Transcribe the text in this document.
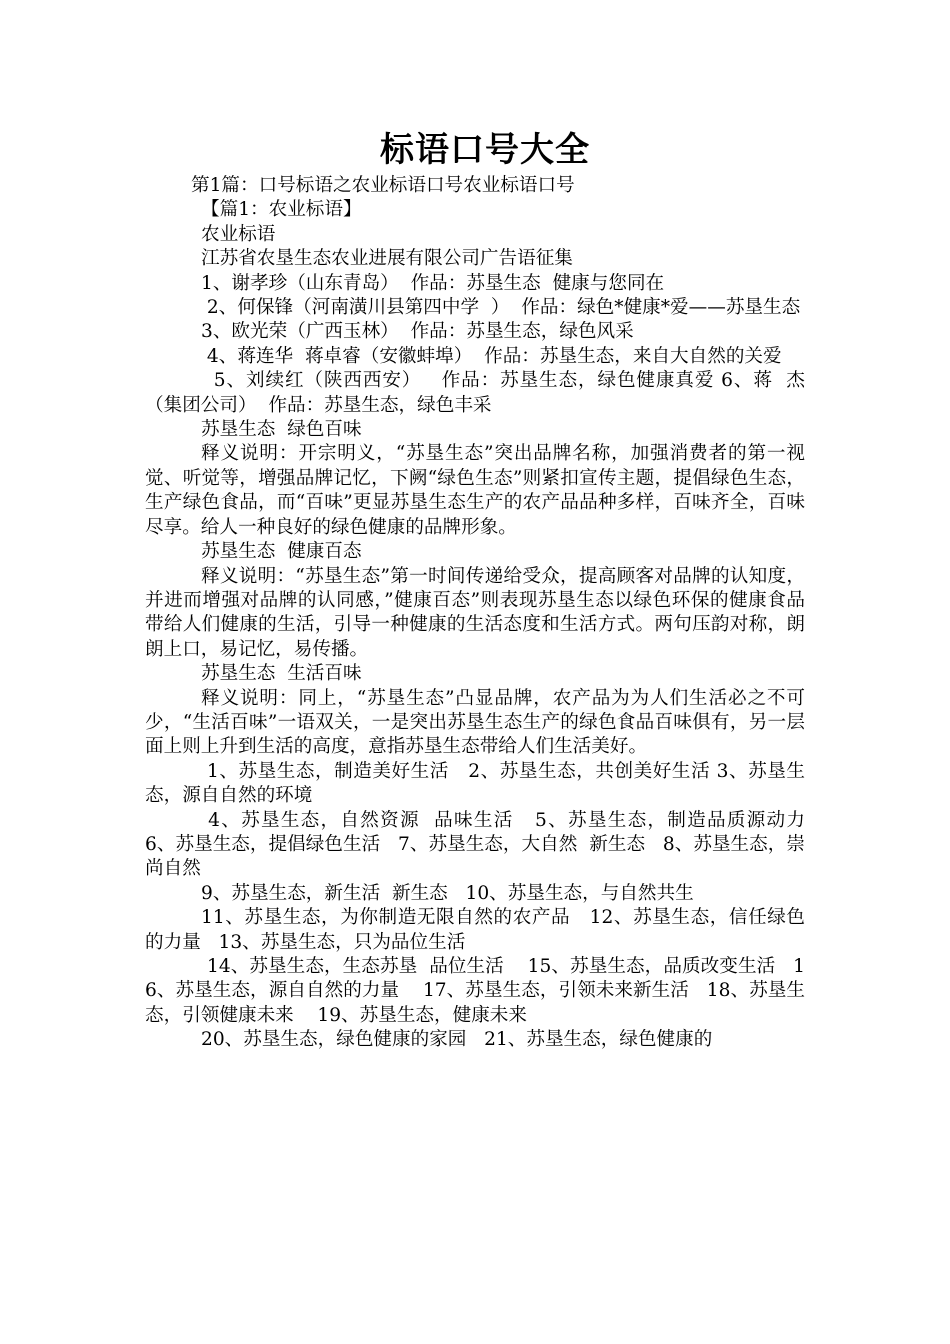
标语口号大全

第1篇：口号标语之农业标语口号农业标语口号

【篇1：农业标语】

农业标语

江苏省农垦生态农业进展有限公司广告语征集

1、谢孝珍（山东青岛）  作品：苏垦生态  健康与您同在

2、何保锋（河南潢川县第四中学  ）  作品：绿色*健康*爱——苏垦生态

3、欧光荣（广西玉林）  作品：苏垦生态，绿色风采

4、蒋连华  蒋卓睿（安徽蚌埠）  作品：苏垦生态，来自大自然的关爱

5、刘续红（陕西西安）   作品：苏垦生态，绿色健康真爱 6、蒋  杰（集团公司）  作品：苏垦生态，绿色丰采

苏垦生态  绿色百味

释义说明：开宗明义，“苏垦生态”突出品牌名称，加强消费者的第一视觉、听觉等，增强品牌记忆，下阙“绿色生态”则紧扣宣传主题，提倡绿色生态，生产绿色食品，而“百味”更显苏垦生态生产的农产品品种多样，百味齐全，百味尽享。给人一种良好的绿色健康的品牌形象。

苏垦生态  健康百态

释义说明：“苏垦生态”第一时间传递给受众，提高顾客对品牌的认知度，并进而增强对品牌的认同感，”健康百态”则表现苏垦生态以绿色环保的健康食品带给人们健康的生活，引导一种健康的生活态度和生活方式。两句压韵对称，朗朗上口，易记忆，易传播。

苏垦生态  生活百味

释义说明：同上，“苏垦生态”凸显品牌，农产品为为人们生活必之不可少，“生活百味”一语双关，一是突出苏垦生态生产的绿色食品百味俱有，另一层面上则上升到生活的高度，意指苏垦生态带给人们生活美好。

1、苏垦生态，制造美好生活   2、苏垦生态，共创美好生活 3、苏垦生态，源自自然的环境

4、苏垦生态，自然资源  品味生活   5、苏垦生态，制造品质源动力   6、苏垦生态，提倡绿色生活   7、苏垦生态，大自然  新生态   8、苏垦生态，崇尚自然

9、苏垦生态，新生活  新生态   10、苏垦生态，与自然共生

11、苏垦生态，为你制造无限自然的农产品   12、苏垦生态，信任绿色的力量   13、苏垦生态，只为品位生活

14、苏垦生态，生态苏垦  品位生活    15、苏垦生态，品质改变生活   16、苏垦生态，源自自然的力量    17、苏垦生态，引领未来新生活   18、苏垦生态，引领健康未来    19、苏垦生态，健康未来

20、苏垦生态，绿色健康的家园   21、苏垦生态，绿色健康的
